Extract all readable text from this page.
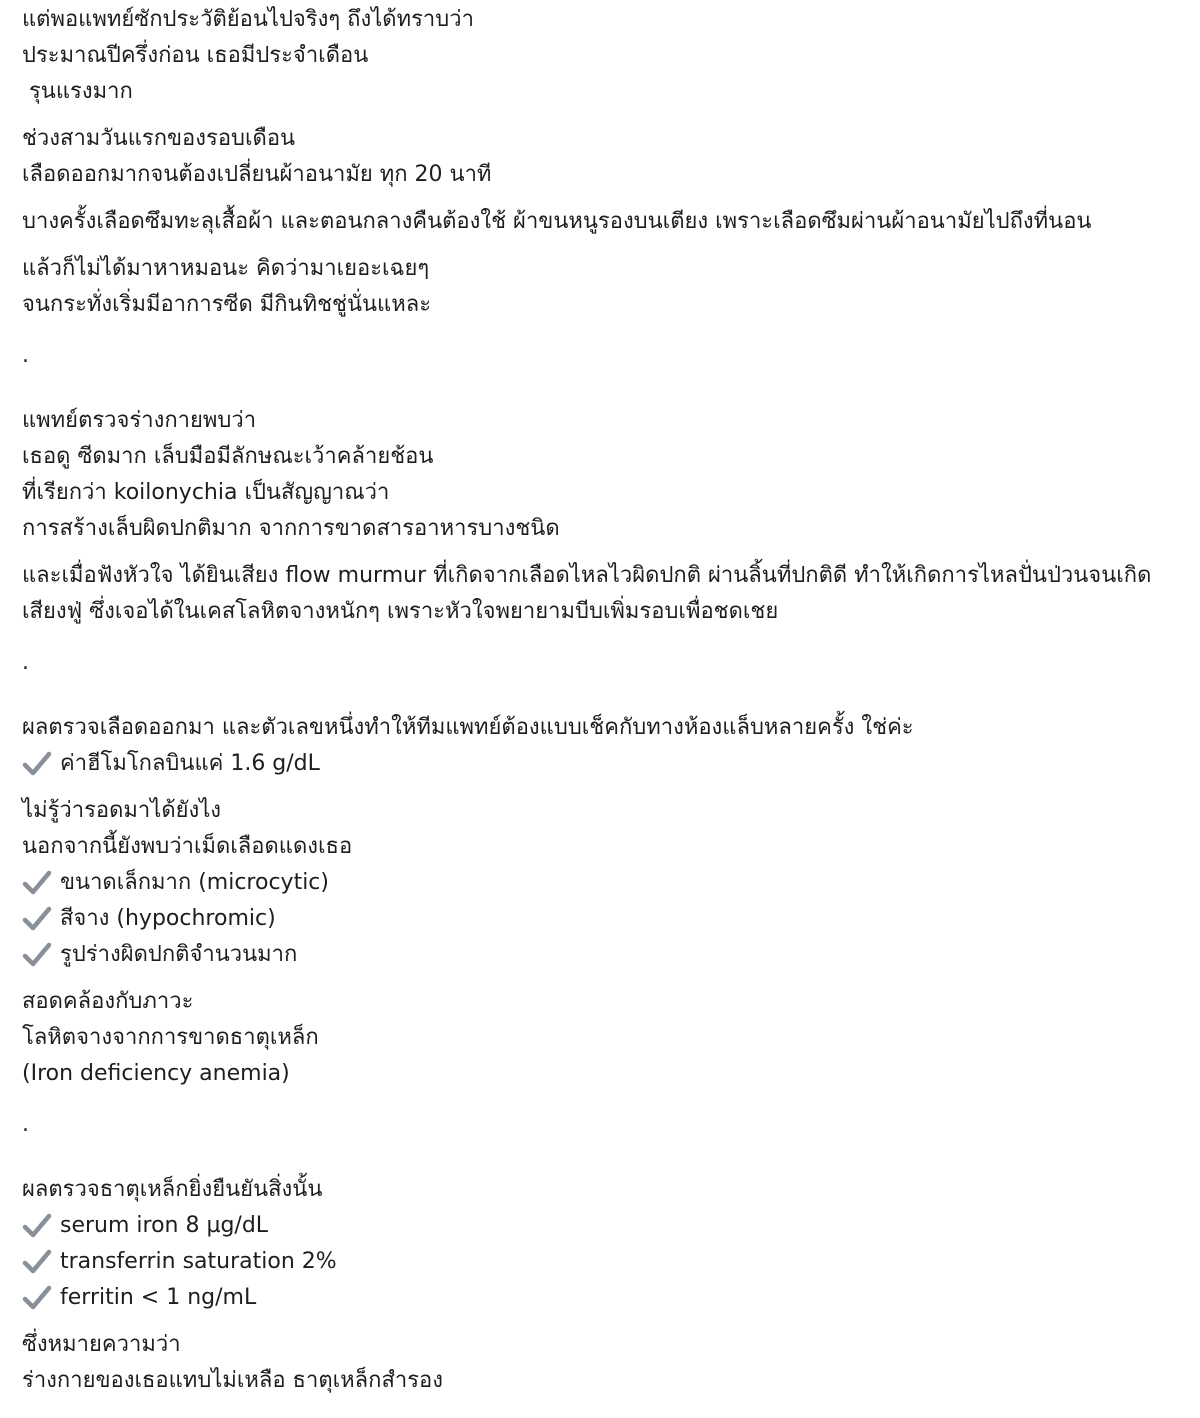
แต่พอแพทย์ซักประวัติย้อนไปจริงๆ ถึงได้ทราบว่า
ประมาณปีครึ่งก่อน เธอมีประจำเดือน
รุนแรงมาก
ช่วงสามวันแรกของรอบเดือน
เลือดออกมากจนต้องเปลี่ยนผ้าอนามัย ทุก 20 นาที
บางครั้งเลือดซึมทะลุเสื้อผ้า และตอนกลางคืนต้องใช้ ผ้าขนหนูรองบนเตียง เพราะเลือดซึมผ่านผ้าอนามัยไปถึงที่นอน
แล้วก็ไม่ได้มาหาหมอนะ คิดว่ามาเยอะเฉยๆ
จนกระทั่งเริ่มมีอาการซีด มีกินทิชชู่นั่นแหละ
.
แพทย์ตรวจร่างกายพบว่า
เธอดู ซีดมาก เล็บมือมีลักษณะเว้าคล้ายช้อน
ที่เรียกว่า koilonychia เป็นสัญญาณว่า
การสร้างเล็บผิดปกติมาก จากการขาดสารอาหารบางชนิด
และเมื่อฟังหัวใจ ได้ยินเสียง flow murmur ที่เกิดจากเลือดไหลไวผิดปกติ ผ่านลิ้นที่ปกติดี ทำให้เกิดการไหลปั่นป่วนจนเกิดเสียงฟู่ ซึ่งเจอได้ในเคสโลหิตจางหนักๆ เพราะหัวใจพยายามบีบเพิ่มรอบเพื่อชดเชย
.
ผลตรวจเลือดออกมา และตัวเลขหนึ่งทำให้ทีมแพทย์ต้องแบบเช็คกับทางห้องแล็บหลายครั้ง ใช่ค่ะ
ค่าฮีโมโกลบินแค่ 1.6 g/dL
ไม่รู้ว่ารอดมาได้ยังไง
นอกจากนี้ยังพบว่าเม็ดเลือดแดงเธอ
ขนาดเล็กมาก (microcytic)
สีจาง (hypochromic)
รูปร่างผิดปกติจำนวนมาก
สอดคล้องกับภาวะ
โลหิตจางจากการขาดธาตุเหล็ก
(Iron deficiency anemia)
.
ผลตรวจธาตุเหล็กยิ่งยืนยันสิ่งนั้น
serum iron 8 µg/dL
transferrin saturation 2%
ferritin < 1 ng/mL
ซึ่งหมายความว่า
ร่างกายของเธอแทบไม่เหลือ ธาตุเหล็กสำรอง
